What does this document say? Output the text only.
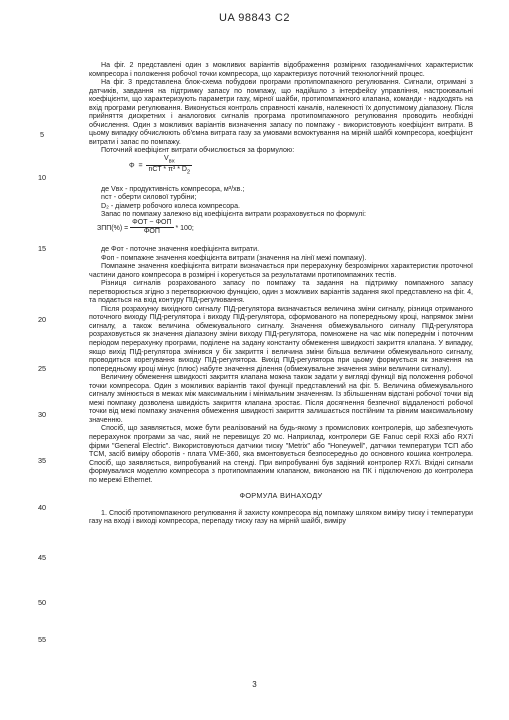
UA 98843 C2
5
10
15
20
25
30
35
40
45
50
55

На фіг. 2 представлені один з можливих варіантів відображення розмірних газодинамічних характеристик компресора і положення робочої точки компресора, що характеризує поточний технологічний процес.

На фіг. 3 представлена блок-схема побудови програми протипомпажного регулювання. Сигнали, отримані з датчиків, завдання на підтримку запасу по помпажу, що надійшло з інтерфейсу управління, настроювальні коефіцієнти, що характеризують параметри газу, мірної шайби, протипомпажного клапана, команди - надходять на вхід програми регулювання. Виконується контроль справності каналів, належності їх допустимому діапазону. Після прийняття дискретних і аналогових сигналів програма протипомпажного регулювання проводить необхідні обчислення. Один з можливих варіантів визначення запасу по помпажу - використовують коефіцієнт витрати. В цьому випадку обчислюють об'ємна витрата газу за умовами всмоктування на мірній шайбі компресора, коефіцієнт витрати і запас по помпажу.

Поточний коефіцієнт витрати обчислюється за формулою:

$\Phi = \frac{V_{вх}}{nСТ * \pi^3 * D_2}$

де Vвх - продуктивність компресора, м³/хв.;

nст - оберти силової турбіни;

D₂ - діаметр робочого колеса компресора.

Запас по помпажу залежно від коефіцієнта витрати розраховується по формулі:

$ЗПП(\%) = \frac{\text{ΦОТ − ΦОП}}{\text{ΦОП}} * 100$;

де Φот - поточне значення коефіцієнта витрати.

Φоп - помпажне значення коефіцієнта витрати (значення на лінії межі помпажу).

Помпажне значення коефіцієнта витрати визначається при перерахунку безрозмірних характеристик проточної частини даного компресора в розмірні і корегується за результатами протипомпажних тестів.

Різниця сигналів розрахованого запасу по помпажу та задання на підтримку помпажного запасу перетворюється згідно з перетворюючою функцією, один з можливих варіантів задання якої представлено на фіг. 4, та подається на вхід контуру ПІД-регулювання.

Після розрахунку вихідного сигналу ПІД-регулятора визначається величина зміни сигналу, різниця отриманого поточного виходу ПІД-регулятора і виходу ПІД-регулятора, сформованого на попередньому кроці, напрямок зміни сигналу, а також величина обмежувального сигналу. Значення обмежувального сигналу ПІД-регулятора розраховується як значення діапазону зміни виходу ПІД-регулятора, помножене на час між попереднім і поточним періодом перерахунку програми, поділене на задану константу обмеження швидкості закриття клапана. У випадку, якщо вихід ПІД-регулятора змінився у бік закриття і величина зміни більша величини обмежувального сигналу, проводиться корегування виходу ПІД-регулятора. Вихід ПІД-регулятора при цьому формується як значення на попередньому кроці мінус (плюс) набуте значення ділення (обмежувальне значення зміни величини сигналу).

Величину обмеження швидкості закриття клапана можна також задати у вигляді функції від положення робочої точки компресора. Один з можливих варіантів такої функції представлений на фіг. 5. Величина обмежувального сигналу змінюється в межах між максимальним і мінімальним значенням. Із збільшенням відстані робочої точки від межі помпажу дозволена швидкість закриття клапана зростає. Після досягнення безпечної віддаленості робочої точки від межі помпажу значення обмеження швидкості закриття залишається постійним та рівним максимальному значенню.

Спосіб, що заявляється, може бути реалізований на будь-якому з промислових контролерів, що забезпечують перерахунок програми за час, який не перевищує 20 мс. Наприклад, контролери GE Fanuc серії RX3i або RX7i фірми "General Electric". Використовуються датчики тиску "Metrix" або "Honeywell", датчики температури ТСП або ТСМ, засіб виміру оборотів - плата VME-360, яка вмонтовується безпосередньо до основного кошика контролера. Спосіб, що заявляється, випробуваний на стенді. При випробуванні був задіяний контролер RX7i. Вхідні сигнали формувалися моделлю компресора з протипомпажним клапаном, виконаною на ПК і підключеною до контролера по мережі Ethernet.

ФОРМУЛА ВИНАХОДУ

1. Спосіб протипомпажного регулювання й захисту компресора від помпажу шляхом виміру тиску і температури газу на вході і виході компресора, перепаду тиску газу на мірній шайбі, виміру

3
